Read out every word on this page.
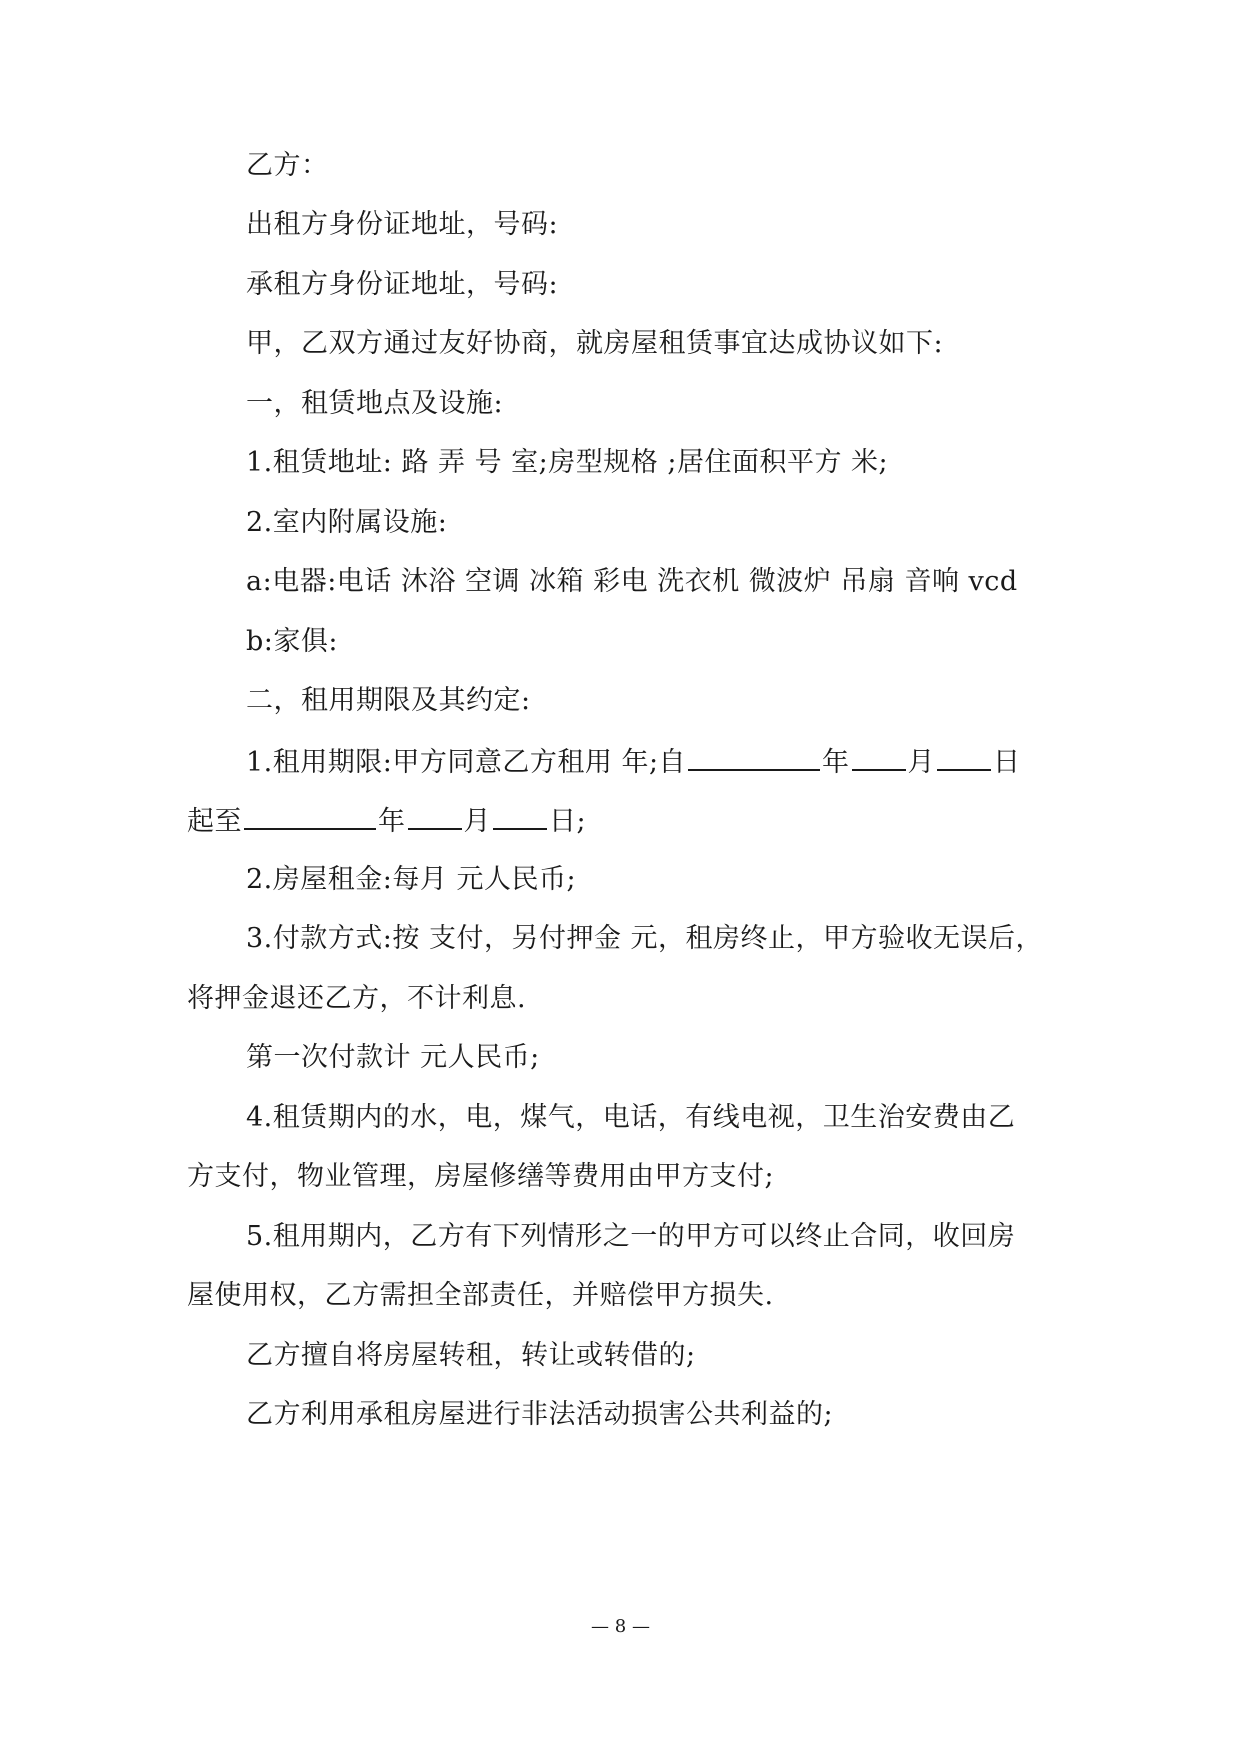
乙方：
出租方身份证地址，号码:
承租方身份证地址，号码:
甲，乙双方通过友好协商，就房屋租赁事宜达成协议如下:
一，租赁地点及设施:
1.租赁地址: 路 弄 号 室;房型规格 ;居住面积平方 米;
2.室内附属设施:
a:电器:电话 沐浴 空调 冰箱 彩电 洗衣机 微波炉 吊扇 音响 vcd
b:家俱:
二，租用期限及其约定:
1.租用期限:甲方同意乙方租用 年;自	年 月 日
起至	年 月 日;
2.房屋租金:每月 元人民币;
3.付款方式:按 支付，另付押金 元，租房终止，甲方验收无误后，
将押金退还乙方，不计利息.
第一次付款计 元人民币;
4.租赁期内的水，电，煤气，电话，有线电视，卫生治安费由乙
方支付，物业管理，房屋修缮等费用由甲方支付;
5.租用期内，乙方有下列情形之一的甲方可以终止合同，收回房
屋使用权，乙方需担全部责任，并赔偿甲方损失.
乙方擅自将房屋转租，转让或转借的;
乙方利用承租房屋进行非法活动损害公共利益的;
— 8 —
